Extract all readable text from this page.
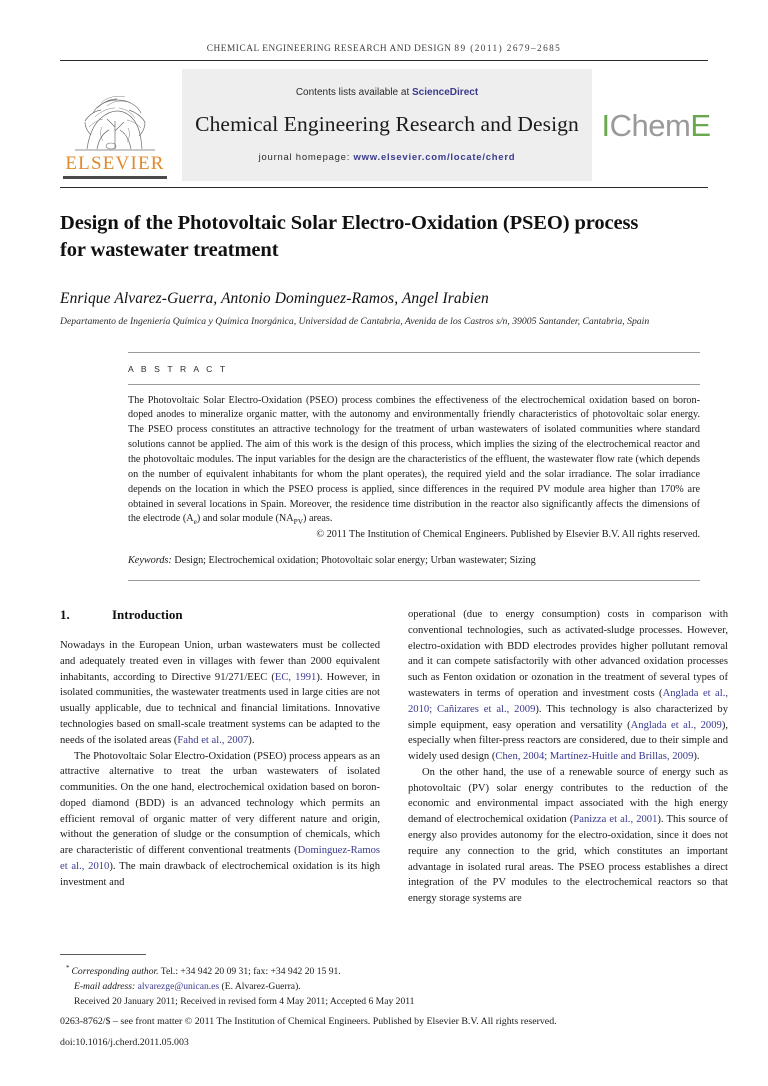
CHEMICAL ENGINEERING RESEARCH AND DESIGN 89 (2011) 2679–2685
ELSEVIER
Contents lists available at ScienceDirect
Chemical Engineering Research and Design
journal homepage: www.elsevier.com/locate/cherd
I Chem E
Design of the Photovoltaic Solar Electro-Oxidation (PSEO) process for wastewater treatment
Enrique Alvarez-Guerra, Antonio Dominguez-Ramos, Angel Irabien
Departamento de Ingeniería Química y Química Inorgánica, Universidad de Cantabria, Avenida de los Castros s/n, 39005 Santander, Cantabria, Spain
A B S T R A C T
The Photovoltaic Solar Electro-Oxidation (PSEO) process combines the effectiveness of the electrochemical oxidation based on boron-doped anodes to mineralize organic matter, with the autonomy and environmentally friendly characteristics of photovoltaic solar energy. The PSEO process constitutes an attractive technology for the treatment of urban wastewaters of isolated communities where standard solutions cannot be applied. The aim of this work is the design of this process, which implies the sizing of the electrochemical reactor and the photovoltaic modules. The input variables for the design are the characteristics of the effluent, the wastewater flow rate (which depends on the number of equivalent inhabitants for whom the plant operates), the required yield and the solar irradiance. The solar irradiance depends on the location in which the PSEO process is applied, since differences in the required PV module area higher than 170% are obtained in several locations in Spain. Moreover, the residence time distribution in the reactor also significantly affects the dimensions of the electrode $(A_e)$ and solar module $(NA_{PV})$ areas.
© 2011 The Institution of Chemical Engineers. Published by Elsevier B.V. All rights reserved.
Keywords: Design; Electrochemical oxidation; Photovoltaic solar energy; Urban wastewater; Sizing
1.	Introduction

Nowadays in the European Union, urban wastewaters must be collected and adequately treated even in villages with fewer than 2000 equivalent inhabitants, according to Directive 91/271/EEC (EC, 1991). However, in isolated communities, the wastewater treatments used in large cities are not usually applicable, due to technical and financial limitations. Innovative technologies based on small-scale treatment systems can be adapted to the needs of the isolated areas (Fahd et al., 2007).

The Photovoltaic Solar Electro-Oxidation (PSEO) process appears as an attractive alternative to treat the urban wastewaters of isolated communities. On the one hand, electrochemical oxidation based on boron-doped diamond (BDD) is an advanced technology which permits an efficient removal of organic matter of very different nature and origin, without the generation of sludge or the consumption of chemicals, which are characteristic of different conventional treatments (Dominguez-Ramos et al., 2010). The main drawback of electrochemical oxidation is its high investment and

operational (due to energy consumption) costs in comparison with conventional technologies, such as activated-sludge processes. However, electro-oxidation with BDD electrodes provides higher pollutant removal and it can compete satisfactorily with other advanced oxidation processes such as Fenton oxidation or ozonation in the treatment of several types of wastewaters in terms of operation and investment costs (Anglada et al., 2010; Cañizares et al., 2009). This technology is also characterized by simple equipment, easy operation and versatility (Anglada et al., 2009), especially when filter-press reactors are considered, due to their simple and widely used design (Chen, 2004; Martínez-Huitle and Brillas, 2009).

On the other hand, the use of a renewable source of energy such as photovoltaic (PV) solar energy contributes to the reduction of the economic and environmental impact associated with the high energy demand of electrochemical oxidation (Panizza et al., 2001). This source of energy also provides autonomy for the electro-oxidation, since it does not require any connection to the grid, which constitutes an important advantage in isolated rural areas. The PSEO process establishes a direct integration of the PV modules to the electrochemical reactors so that energy storage systems are

* Corresponding author. Tel.: +34 942 20 09 31; fax: +34 942 20 15 91.
E-mail address: alvarezge@unican.es (E. Alvarez-Guerra).
Received 20 January 2011; Received in revised form 4 May 2011; Accepted 6 May 2011
0263-8762/$ – see front matter © 2011 The Institution of Chemical Engineers. Published by Elsevier B.V. All rights reserved.
doi:10.1016/j.cherd.2011.05.003
